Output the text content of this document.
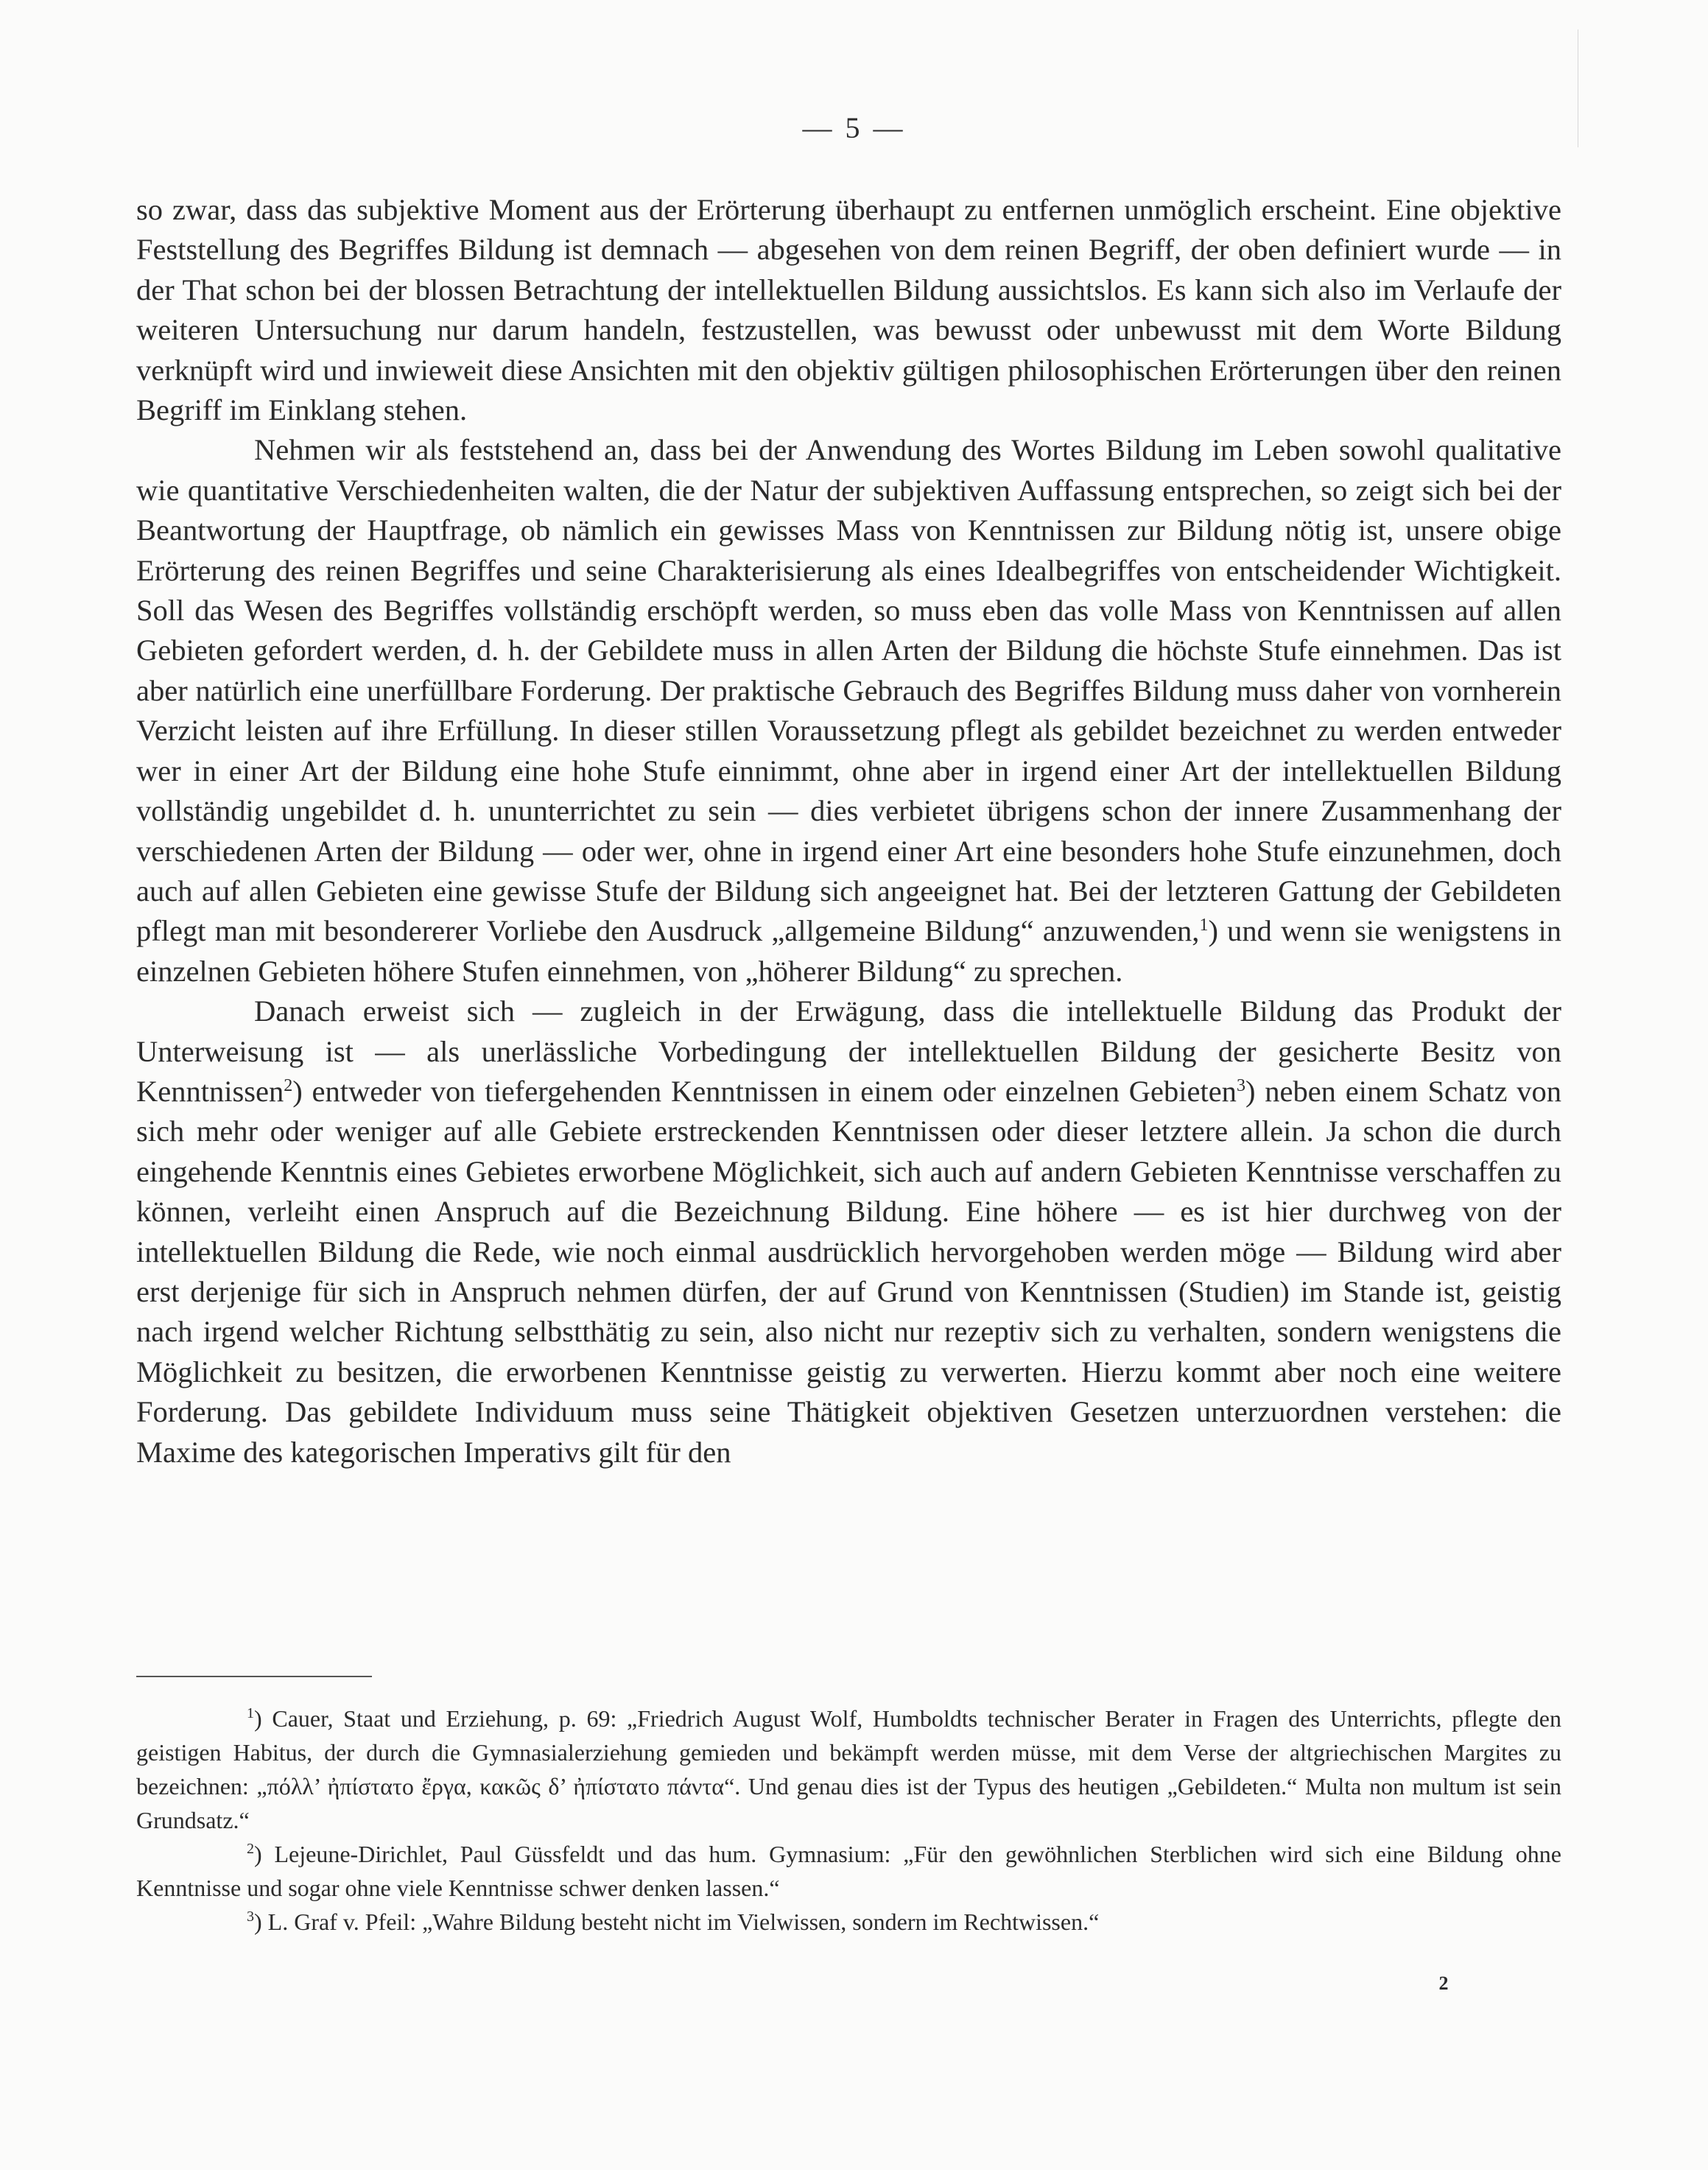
— 5 —

so zwar, dass das subjektive Moment aus der Erörterung überhaupt zu entfernen unmöglich erscheint. Eine objektive Feststellung des Begriffes Bildung ist demnach — abgesehen von dem reinen Begriff, der oben definiert wurde — in der That schon bei der blossen Betrachtung der intellektuellen Bildung aussichtslos. Es kann sich also im Verlaufe der weiteren Untersuchung nur darum handeln, festzustellen, was bewusst oder unbewusst mit dem Worte Bildung verknüpft wird und inwieweit diese Ansichten mit den objektiv gültigen philosophischen Erörterungen über den reinen Begriff im Einklang stehen.

Nehmen wir als feststehend an, dass bei der Anwendung des Wortes Bildung im Leben sowohl qualitative wie quantitative Verschiedenheiten walten, die der Natur der subjektiven Auffassung entsprechen, so zeigt sich bei der Beantwortung der Hauptfrage, ob nämlich ein gewisses Mass von Kenntnissen zur Bildung nötig ist, unsere obige Erörterung des reinen Begriffes und seine Charakterisierung als eines Idealbegriffes von entscheidender Wichtigkeit. Soll das Wesen des Begriffes vollständig erschöpft werden, so muss eben das volle Mass von Kenntnissen auf allen Gebieten gefordert werden, d. h. der Gebildete muss in allen Arten der Bildung die höchste Stufe einnehmen. Das ist aber natürlich eine unerfüllbare Forderung. Der praktische Gebrauch des Begriffes Bildung muss daher von vornherein Verzicht leisten auf ihre Erfüllung. In dieser stillen Voraussetzung pflegt als gebildet bezeichnet zu werden entweder wer in einer Art der Bildung eine hohe Stufe einnimmt, ohne aber in irgend einer Art der intellektuellen Bildung vollständig ungebildet d. h. ununterrichtet zu sein — dies verbietet übrigens schon der innere Zusammenhang der verschiedenen Arten der Bildung — oder wer, ohne in irgend einer Art eine besonders hohe Stufe einzunehmen, doch auch auf allen Gebieten eine gewisse Stufe der Bildung sich angeeignet hat. Bei der letzteren Gattung der Gebildeten pflegt man mit besondererer Vorliebe den Ausdruck „allgemeine Bildung“ anzuwenden,$^1$) und wenn sie wenigstens in einzelnen Gebieten höhere Stufen einnehmen, von „höherer Bildung“ zu sprechen.

Danach erweist sich — zugleich in der Erwägung, dass die intellektuelle Bildung das Produkt der Unterweisung ist — als unerlässliche Vorbedingung der intellektuellen Bildung der gesicherte Besitz von Kenntnissen$^2$) entweder von tiefergehenden Kenntnissen in einem oder einzelnen Gebieten$^3$) neben einem Schatz von sich mehr oder weniger auf alle Gebiete erstreckenden Kenntnissen oder dieser letztere allein. Ja schon die durch eingehende Kenntnis eines Gebietes erworbene Möglichkeit, sich auch auf andern Gebieten Kenntnisse verschaffen zu können, verleiht einen Anspruch auf die Bezeichnung Bildung. Eine höhere — es ist hier durchweg von der intellektuellen Bildung die Rede, wie noch einmal ausdrücklich hervorgehoben werden möge — Bildung wird aber erst derjenige für sich in Anspruch nehmen dürfen, der auf Grund von Kenntnissen (Studien) im Stande ist, geistig nach irgend welcher Richtung selbstthätig zu sein, also nicht nur rezeptiv sich zu verhalten, sondern wenigstens die Möglichkeit zu besitzen, die erworbenen Kenntnisse geistig zu verwerten. Hierzu kommt aber noch eine weitere Forderung. Das gebildete Individuum muss seine Thätigkeit objektiven Gesetzen unterzuordnen verstehen: die Maxime des kategorischen Imperativs gilt für den

$^1$) Cauer, Staat und Erziehung, p. 69: „Friedrich August Wolf, Humboldts technischer Berater in Fragen des Unterrichts, pflegte den geistigen Habitus, der durch die Gymnasialerziehung gemieden und bekämpft werden müsse, mit dem Verse der altgriechischen Margites zu bezeichnen: „πόλλ’ ἠπίστατο ἔργα, κακῶς δ’ ἠπίστατο πάντα“. Und genau dies ist der Typus des heutigen „Gebildeten.“ Multa non multum ist sein Grundsatz.“

$^2$) Lejeune-Dirichlet, Paul Güssfeldt und das hum. Gymnasium: „Für den gewöhnlichen Sterblichen wird sich eine Bildung ohne Kenntnisse und sogar ohne viele Kenntnisse schwer denken lassen.“

$^3$) L. Graf v. Pfeil: „Wahre Bildung besteht nicht im Vielwissen, sondern im Rechtwissen.“

2
